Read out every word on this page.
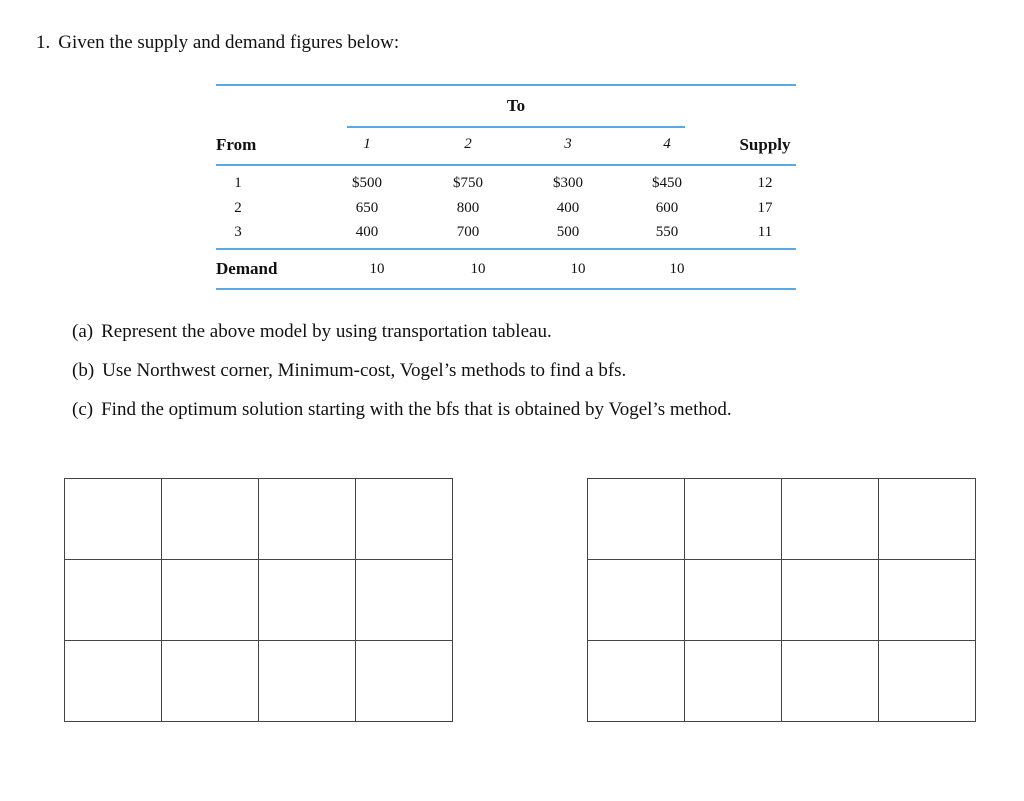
1. Given the supply and demand figures below:
To
From	1	2	3	4	Supply
1	$500	$750	$300	$450	12
2	650	800	400	600	17
3	400	700	500	550	11
Demand	10	10	10	10
(a) Represent the above model by using transportation tableau.
(b) Use Northwest corner, Minimum-cost, Vogel’s methods to find a bfs.
(c) Find the optimum solution starting with the bfs that is obtained by Vogel’s method.
